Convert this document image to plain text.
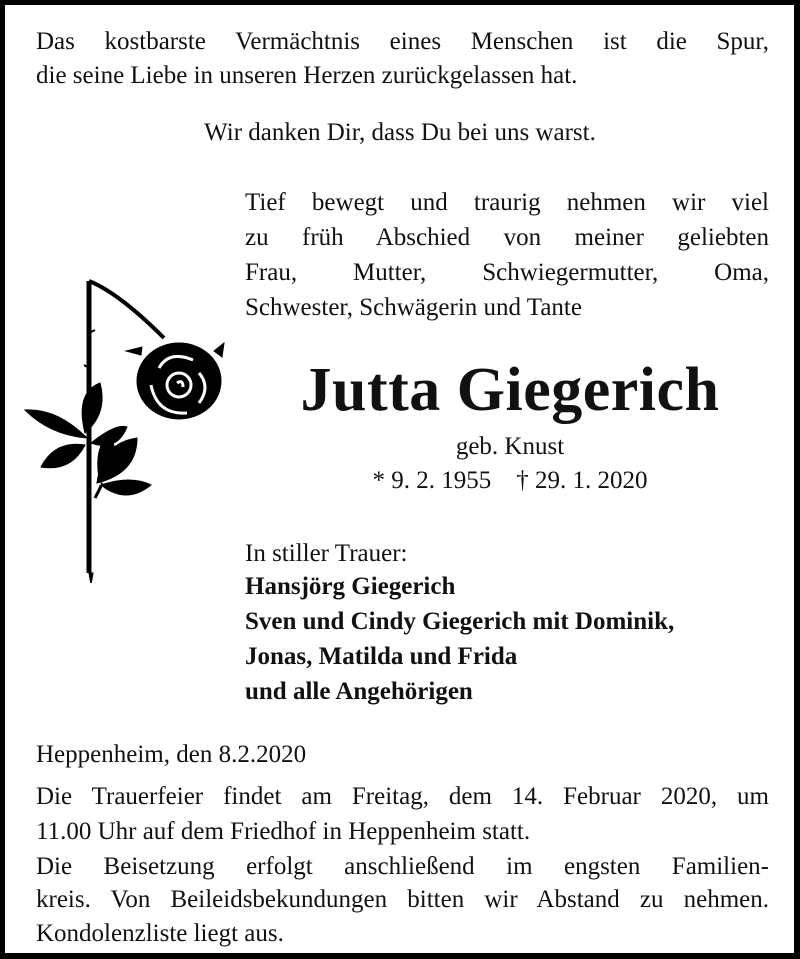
Das kostbarste Vermächtnis eines Menschen ist die Spur,
die seine Liebe in unseren Herzen zurückgelassen hat.
Wir danken Dir, dass Du bei uns warst.
Tief bewegt und traurig nehmen wir viel
zu früh Abschied von meiner geliebten
Frau, Mutter, Schwiegermutter, Oma,
Schwester, Schwägerin und Tante
Jutta Giegerich
geb. Knust
* 9. 2. 1955 † 29. 1. 2020
In stiller Trauer:
Hansjörg Giegerich
Sven und Cindy Giegerich mit Dominik,
Jonas, Matilda und Frida
und alle Angehörigen
Heppenheim, den 8.2.2020
Die Trauerfeier findet am Freitag, dem 14. Februar 2020, um
11.00 Uhr auf dem Friedhof in Heppenheim statt.
Die Beisetzung erfolgt anschließend im engsten Familien-
kreis. Von Beileidsbekundungen bitten wir Abstand zu nehmen.
Kondolenzliste liegt aus.
